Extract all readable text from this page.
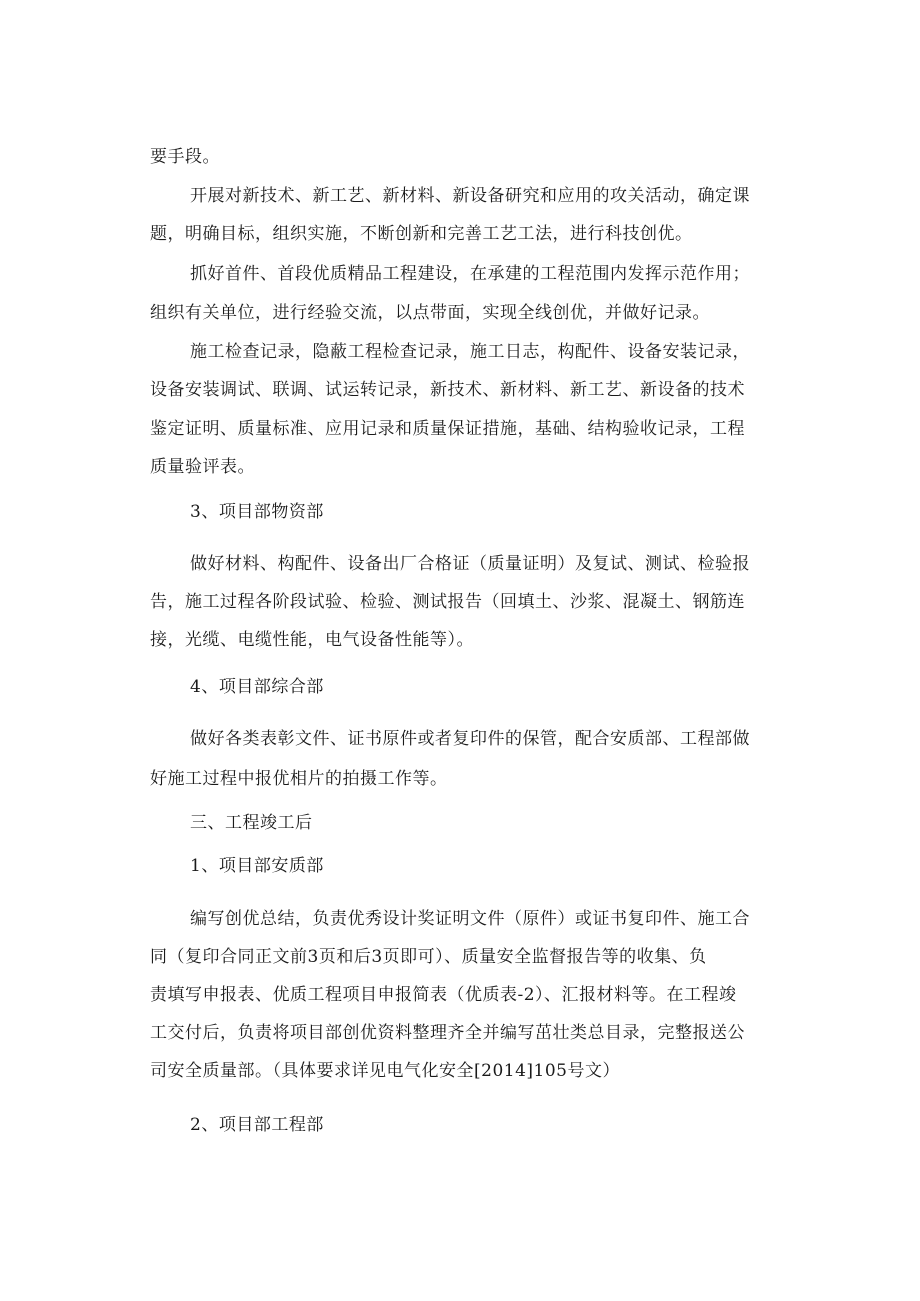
要手段。

开展对新技术、新工艺、新材料、新设备研究和应用的攻关活动，确定课

题，明确目标，组织实施，不断创新和完善工艺工法，进行科技创优。

抓好首件、首段优质精品工程建设，在承建的工程范围内发挥示范作用；

组织有关单位，进行经验交流，以点带面，实现全线创优，并做好记录。

施工检查记录，隐蔽工程检查记录，施工日志，构配件、设备安装记录，

设备安装调试、联调、试运转记录，新技术、新材料、新工艺、新设备的技术

鉴定证明、质量标准、应用记录和质量保证措施，基础、结构验收记录，工程

质量验评表。

3、项目部物资部

做好材料、构配件、设备出厂合格证（质量证明）及复试、测试、检验报

告，施工过程各阶段试验、检验、测试报告（回填土、沙浆、混凝土、钢筋连

接，光缆、电缆性能，电气设备性能等）。

4、项目部综合部

做好各类表彰文件、证书原件或者复印件的保管，配合安质部、工程部做

好施工过程中报优相片的拍摄工作等。

三、工程竣工后

1、项目部安质部

编写创优总结，负责优秀设计奖证明文件（原件）或证书复印件、施工合

同（复印合同正文前3页和后3页即可）、质量安全监督报告等的收集、负

责填写申报表、优质工程项目申报简表（优质表-2）、汇报材料等。在工程竣

工交付后，负责将项目部创优资料整理齐全并编写茁壮类总目录，完整报送公

司安全质量部。（具体要求详见电气化安全[2014]105号文）

2、项目部工程部
